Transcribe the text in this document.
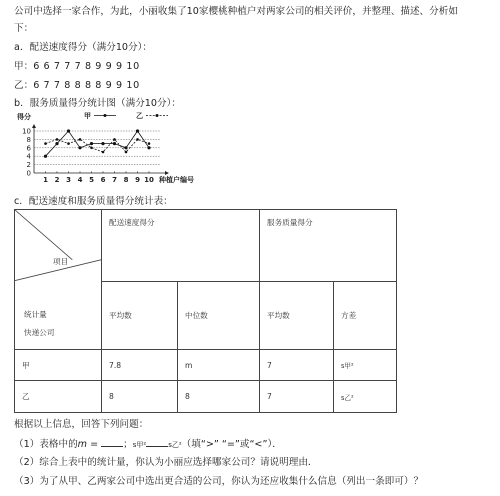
公司中选择一家合作，为此，小丽收集了10家樱桃种植户对两家公司的相关评价，并整理、描述、分析如
下：
a．配送速度得分（满分10分）：
甲：6 6 7 7 7 8 9 9 9 10
乙：6 7 7 8 8 8 8 9 9 10
b．服务质量得分统计图（满分10分）：
2
4
6
8
10
0
1 2 3 4 5 6 7 8 9 10
得分
种植户编号
甲	乙
c．配送速度和服务质量得分统计表：
项目
统计量
快递公司	配送速度得分		服务质量得分	
	平均数	中位数	平均数	方差
甲	7.8	m	7	s甲²
乙	8	8	7	s乙²
根据以上信息，回答下列问题：
（1）表格中的m = ；s甲²	s乙²（填“>” “=”或“<”）．
（2）综合上表中的统计量，你认为小丽应选择哪家公司？请说明理由．
（3）为了从甲、乙两家公司中选出更合适的公司，你认为还应收集什么信息（列出一条即可）？
